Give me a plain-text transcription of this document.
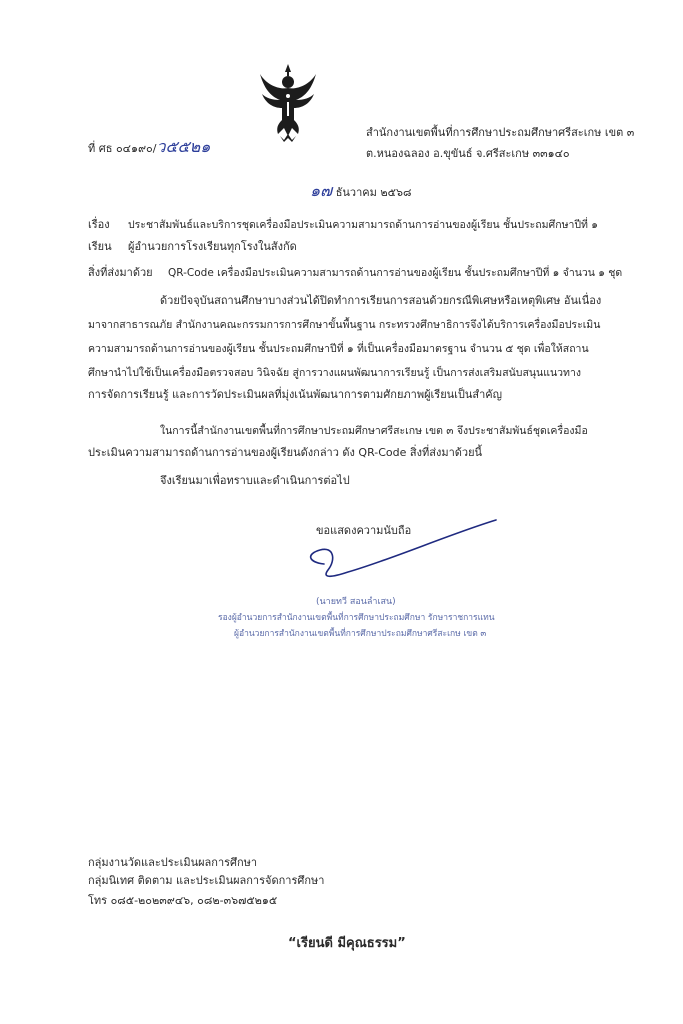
ที่ ศธ ๐๔๑๙๐/ว๕๕๒๑
สำนักงานเขตพื้นที่การศึกษาประถมศึกษาศรีสะเกษ เขต ๓
ต.หนองฉลอง อ.ขุขันธ์ จ.ศรีสะเกษ ๓๓๑๔๐
๑๗ ธันวาคม ๒๕๖๘
เรื่อง ประชาสัมพันธ์และบริการชุดเครื่องมือประเมินความสามารถด้านการอ่านของผู้เรียน ชั้นประถมศึกษาปีที่ ๑
เรียน ผู้อำนวยการโรงเรียนทุกโรงในสังกัด
สิ่งที่ส่งมาด้วย QR-Code เครื่องมือประเมินความสามารถด้านการอ่านของผู้เรียน ชั้นประถมศึกษาปีที่ ๑ จำนวน ๑ ชุด
ด้วยปัจจุบันสถานศึกษาบางส่วนได้ปิดทำการเรียนการสอนด้วยกรณีพิเศษหรือเหตุพิเศษ อันเนื่อง
มาจากสาธารณภัย สำนักงานคณะกรรมการการศึกษาขั้นพื้นฐาน กระทรวงศึกษาธิการจึงได้บริการเครื่องมือประเมิน
ความสามารถด้านการอ่านของผู้เรียน ชั้นประถมศึกษาปีที่ ๑ ที่เป็นเครื่องมือมาตรฐาน จำนวน ๕ ชุด เพื่อให้สถาน
ศึกษานำไปใช้เป็นเครื่องมือตรวจสอบ วินิจฉัย สู่การวางแผนพัฒนาการเรียนรู้ เป็นการส่งเสริมสนับสนุนแนวทาง
การจัดการเรียนรู้ และการวัดประเมินผลที่มุ่งเน้นพัฒนาการตามศักยภาพผู้เรียนเป็นสำคัญ
ในการนี้สำนักงานเขตพื้นที่การศึกษาประถมศึกษาศรีสะเกษ เขต ๓ จึงประชาสัมพันธ์ชุดเครื่องมือ
ประเมินความสามารถด้านการอ่านของผู้เรียนดังกล่าว ดัง QR-Code สิ่งที่ส่งมาด้วยนี้
จึงเรียนมาเพื่อทราบและดำเนินการต่อไป
ขอแสดงความนับถือ
(นายทวี สอนลำเสน)
รองผู้อำนวยการสำนักงานเขตพื้นที่การศึกษาประถมศึกษา รักษาราชการแทน
ผู้อำนวยการสำนักงานเขตพื้นที่การศึกษาประถมศึกษาศรีสะเกษ เขต ๓
กลุ่มงานวัดและประเมินผลการศึกษา
กลุ่มนิเทศ ติดตาม และประเมินผลการจัดการศึกษา
โทร ๐๘๕-๒๐๒๓๙๔๖, ๐๘๒-๓๖๗๕๒๑๕
“เรียนดี มีคุณธรรม”
